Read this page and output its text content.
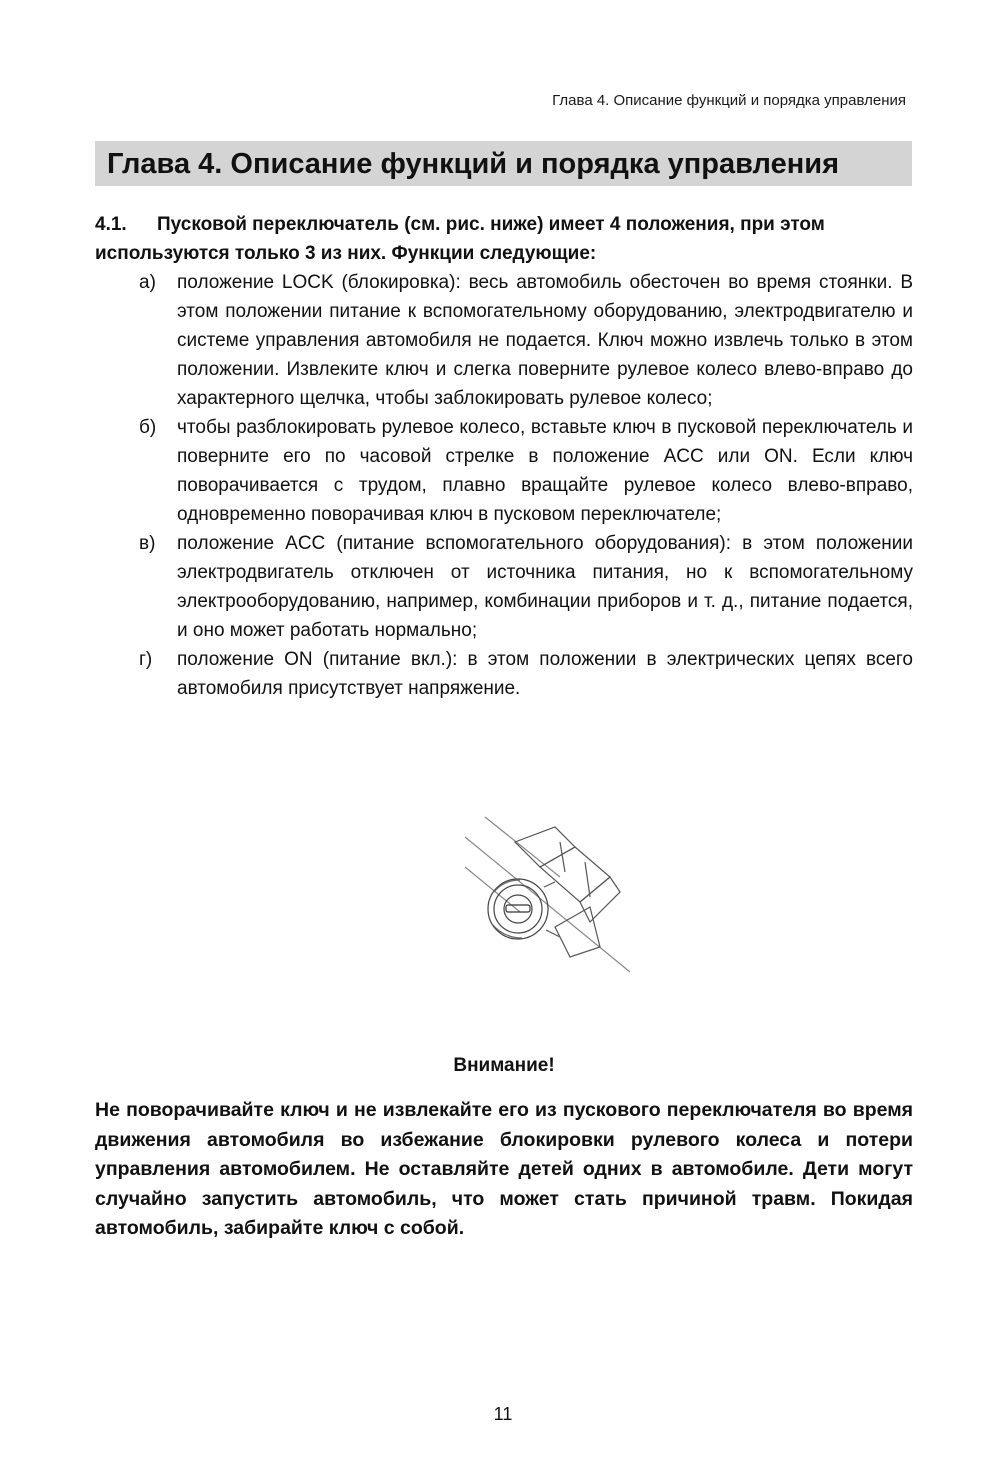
Глава 4. Описание функций и порядка управления
Глава 4. Описание функций и порядка управления

4.1. Пусковой переключатель (см. рис. ниже) имеет 4 положения, при этом используются только 3 из них. Функции следующие:

а) положение LOCK (блокировка): весь автомобиль обесточен во время стоянки. В этом положении питание к вспомогательному оборудованию, электродвигателю и системе управления автомобиля не подается. Ключ можно извлечь только в этом положении. Извлеките ключ и слегка поверните рулевое колесо влево-вправо до характерного щелчка, чтобы заблокировать рулевое колесо;

б) чтобы разблокировать рулевое колесо, вставьте ключ в пусковой переключатель и поверните его по часовой стрелке в положение ACC или ON. Если ключ поворачивается с трудом, плавно вращайте рулевое колесо влево-вправо, одновременно поворачивая ключ в пусковом переключателе;

в) положение ACC (питание вспомогательного оборудования): в этом положении электродвигатель отключен от источника питания, но к вспомогательному электрооборудованию, например, комбинации приборов и т. д., питание подается, и оно может работать нормально;

г) положение ON (питание вкл.): в этом положении в электрических цепях всего автомобиля присутствует напряжение.

Внимание!

Не поворачивайте ключ и не извлекайте его из пускового переключателя во время движения автомобиля во избежание блокировки рулевого колеса и потери управления автомобилем. Не оставляйте детей одних в автомобиле. Дети могут случайно запустить автомобиль, что может стать причиной травм. Покидая автомобиль, забирайте ключ с собой.

11
